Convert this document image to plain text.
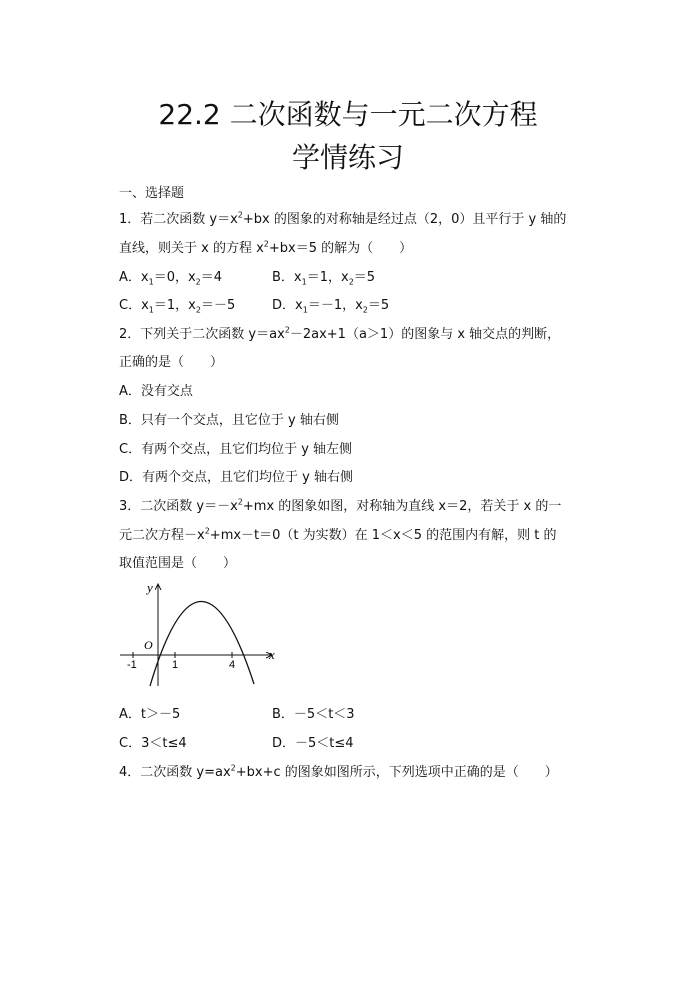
22.2 二次函数与一元二次方程
学情练习
一、选择题
1．若二次函数 $y=x^2+bx$ 的图象的对称轴是经过点（2，0）且平行于 y 轴的
直线，则关于 x 的方程 $x^2+bx=5$ 的解为（　　）
A．$x_1=0$，$x_2=4$	B．$x_1=1$，$x_2=5$
C．$x_1=1$，$x_2=-5$	D．$x_1=-1$，$x_2=5$
2．下列关于二次函数 $y=ax^2-2ax+1(a>1)$的图象与 x 轴交点的判断，
正确的是（　　）
A．没有交点
B．只有一个交点，且它位于 y 轴右侧
C．有两个交点，且它们均位于 y 轴左侧
D．有两个交点，且它们均位于 y 轴右侧
3．二次函数 $y=-x^2+mx$ 的图象如图，对称轴为直线 x＝2，若关于 x 的一
元二次方程$-x^2+mx-t=0(t$ 为实数）在 1＜x＜5 的范围内有解，则 t 的
取值范围是（　　）
y
x
O
-1	1	4
A．t＞－5	B．－5＜t＜3
C．3＜t≤4	D．－5＜t≤4
4．二次函数 $y=ax^2+bx+c$ 的图象如图所示，下列选项中正确的是（　　）
